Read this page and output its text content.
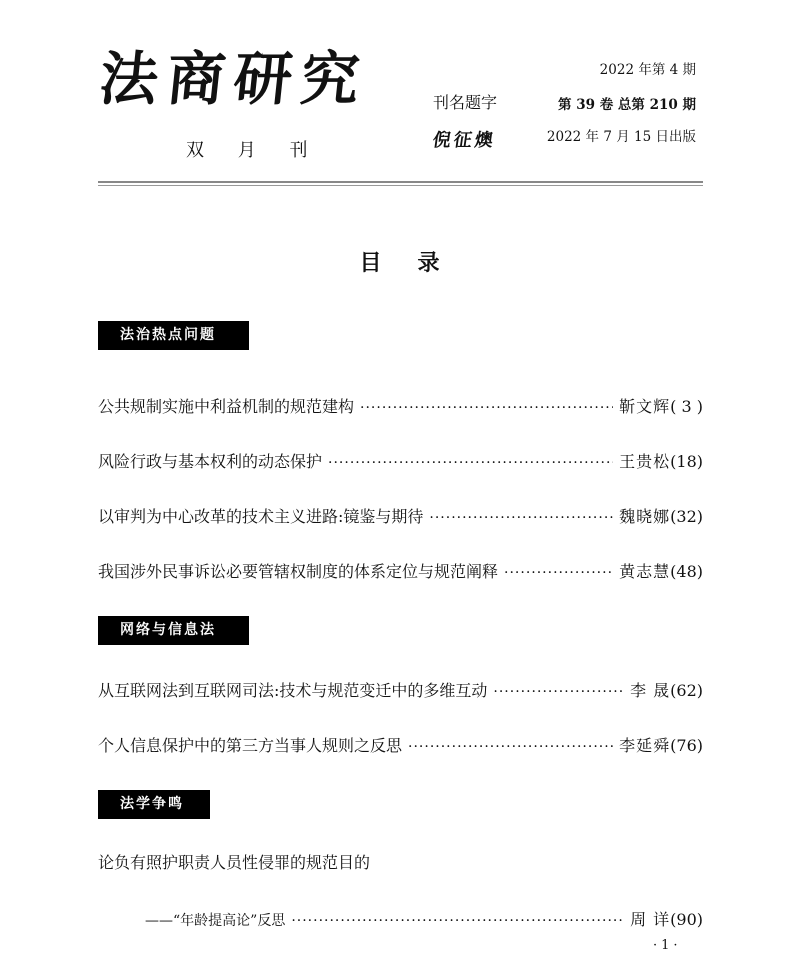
法商研究
双 月 刊
刊名题字
倪征燠
2022 年第 4 期
第 39 卷 总第 210 期
2022 年 7 月 15 日出版
目录
法治热点问题
公共规制实施中利益机制的规范建构 ·····	靳文辉 ( 3 )
风险行政与基本权利的动态保护 ·····	王贵松 (18)
以审判为中心改革的技术主义进路:镜鉴与期待 ·····	魏晓娜 (32)
我国涉外民事诉讼必要管辖权制度的体系定位与规范阐释 ·····	黄志慧 (48)
网络与信息法
从互联网法到互联网司法:技术与规范变迁中的多维互动 ·····	李 晟 (62)
个人信息保护中的第三方当事人规则之反思 ·····	李延舜 (76)
法学争鸣
论负有照护职责人员性侵罪的规范目的
——“年龄提高论”反思 ·····	周 详 (90)
·1·
